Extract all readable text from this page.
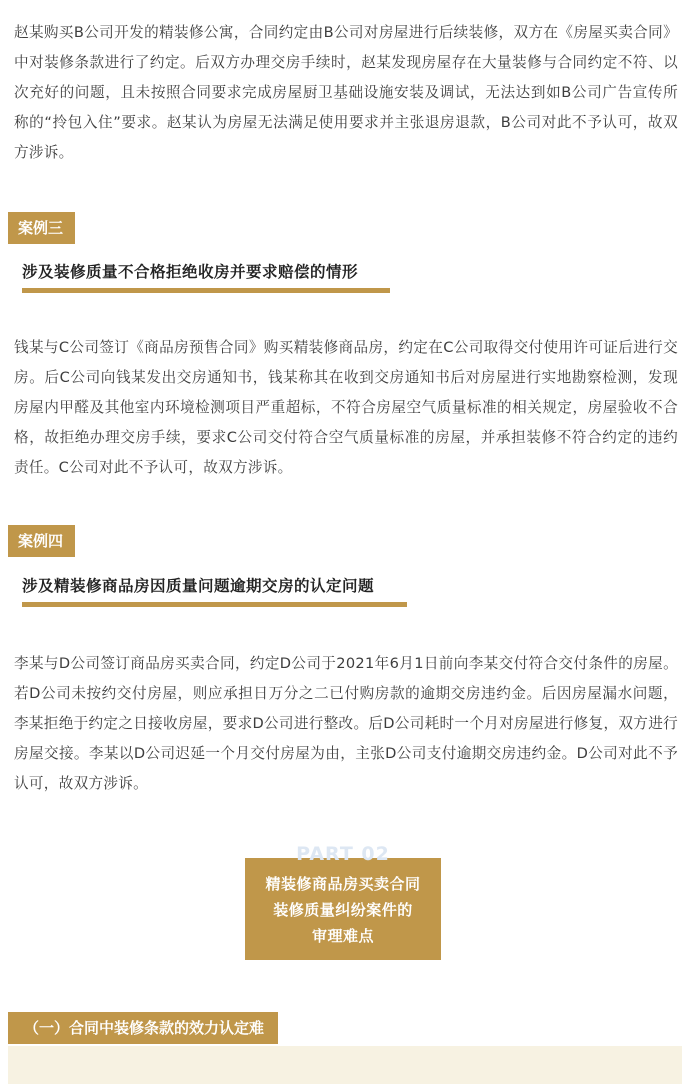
赵某购买B公司开发的精装修公寓，合同约定由B公司对房屋进行后续装修，双方在《房屋买卖合同》中对装修条款进行了约定。后双方办理交房手续时，赵某发现房屋存在大量装修与合同约定不符、以次充好的问题，且未按照合同要求完成房屋厨卫基础设施安装及调试，无法达到如B公司广告宣传所称的“拎包入住”要求。赵某认为房屋无法满足使用要求并主张退房退款，B公司对此不予认可，故双方涉诉。

案例三
涉及装修质量不合格拒绝收房并要求赔偿的情形

钱某与C公司签订《商品房预售合同》购买精装修商品房，约定在C公司取得交付使用许可证后进行交房。后C公司向钱某发出交房通知书，钱某称其在收到交房通知书后对房屋进行实地勘察检测，发现房屋内甲醛及其他室内环境检测项目严重超标，不符合房屋空气质量标准的相关规定，房屋验收不合格，故拒绝办理交房手续，要求C公司交付符合空气质量标准的房屋，并承担装修不符合约定的违约责任。C公司对此不予认可，故双方涉诉。

案例四
涉及精装修商品房因质量问题逾期交房的认定问题

李某与D公司签订商品房买卖合同，约定D公司于2021年6月1日前向李某交付符合交付条件的房屋。若D公司未按约交付房屋，则应承担日万分之二已付购房款的逾期交房违约金。后因房屋漏水问题，李某拒绝于约定之日接收房屋，要求D公司进行整改。后D公司耗时一个月对房屋进行修复，双方进行房屋交接。李某以D公司迟延一个月交付房屋为由，主张D公司支付逾期交房违约金。D公司对此不予认可，故双方涉诉。

PART 02
精装修商品房买卖合同
装修质量纠纷案件的
审理难点
（一）合同中装修条款的效力认定难
